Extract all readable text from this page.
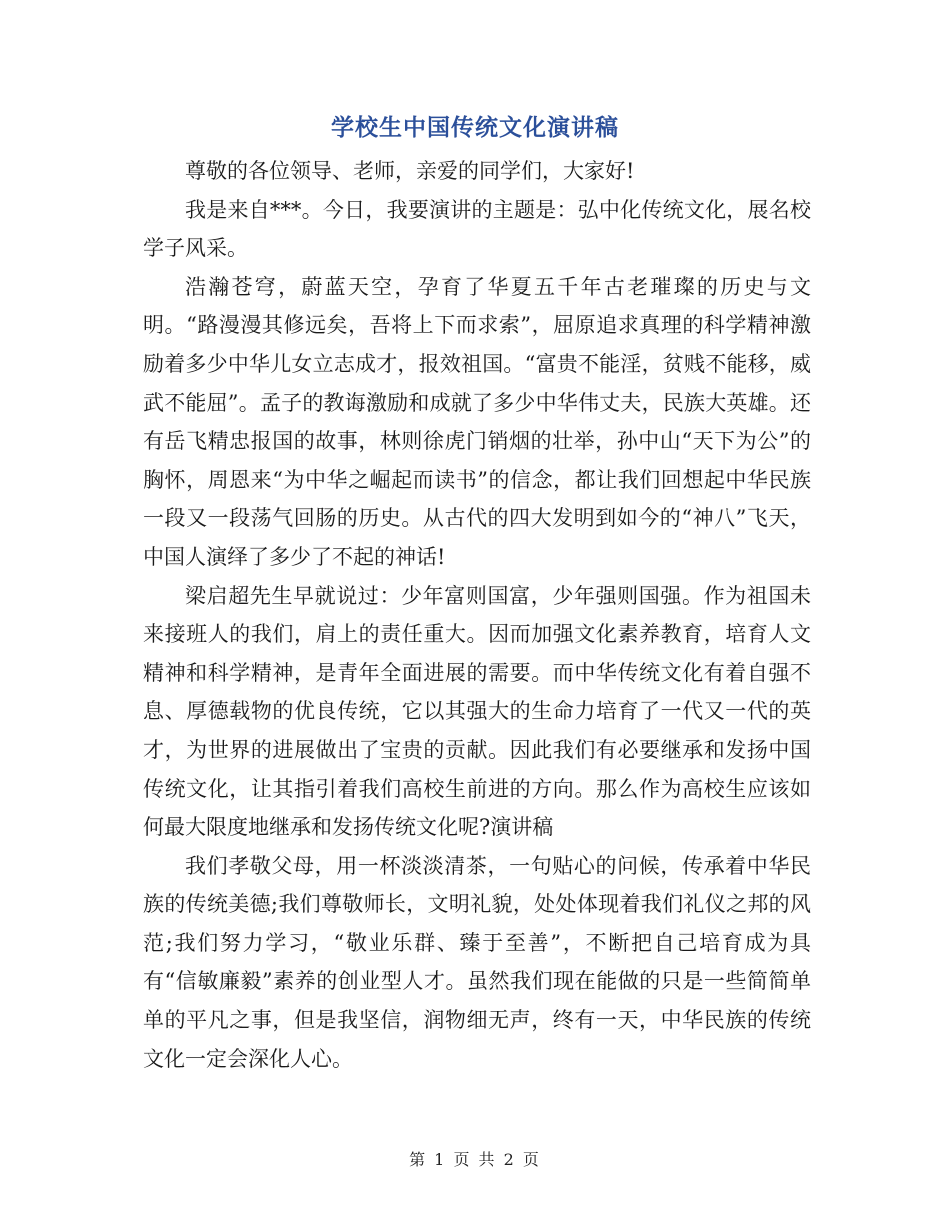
学校生中国传统文化演讲稿

尊敬的各位领导、老师，亲爱的同学们，大家好!

我是来自***。今日，我要演讲的主题是：弘中化传统文化，展名校学子风采。

浩瀚苍穹，蔚蓝天空，孕育了华夏五千年古老璀璨的历史与文明。“路漫漫其修远矣，吾将上下而求索”，屈原追求真理的科学精神激励着多少中华儿女立志成才，报效祖国。“富贵不能淫，贫贱不能移，威武不能屈”。孟子的教诲激励和成就了多少中华伟丈夫，民族大英雄。还有岳飞精忠报国的故事，林则徐虎门销烟的壮举，孙中山“天下为公”的胸怀，周恩来“为中华之崛起而读书”的信念，都让我们回想起中华民族一段又一段荡气回肠的历史。从古代的四大发明到如今的“神八”飞天，中国人演绎了多少了不起的神话!

梁启超先生早就说过：少年富则国富，少年强则国强。作为祖国未来接班人的我们，肩上的责任重大。因而加强文化素养教育，培育人文精神和科学精神，是青年全面进展的需要。而中华传统文化有着自强不息、厚德载物的优良传统，它以其强大的生命力培育了一代又一代的英才，为世界的进展做出了宝贵的贡献。因此我们有必要继承和发扬中国传统文化，让其指引着我们高校生前进的方向。那么作为高校生应该如何最大限度地继承和发扬传统文化呢?演讲稿

我们孝敬父母，用一杯淡淡清茶，一句贴心的问候，传承着中华民族的传统美德;我们尊敬师长，文明礼貌，处处体现着我们礼仪之邦的风范;我们努力学习，“敬业乐群、臻于至善”，不断把自己培育成为具有“信敏廉毅”素养的创业型人才。虽然我们现在能做的只是一些简简单单的平凡之事，但是我坚信，润物细无声，终有一天，中华民族的传统文化一定会深化人心。

第 1 页 共 2 页
